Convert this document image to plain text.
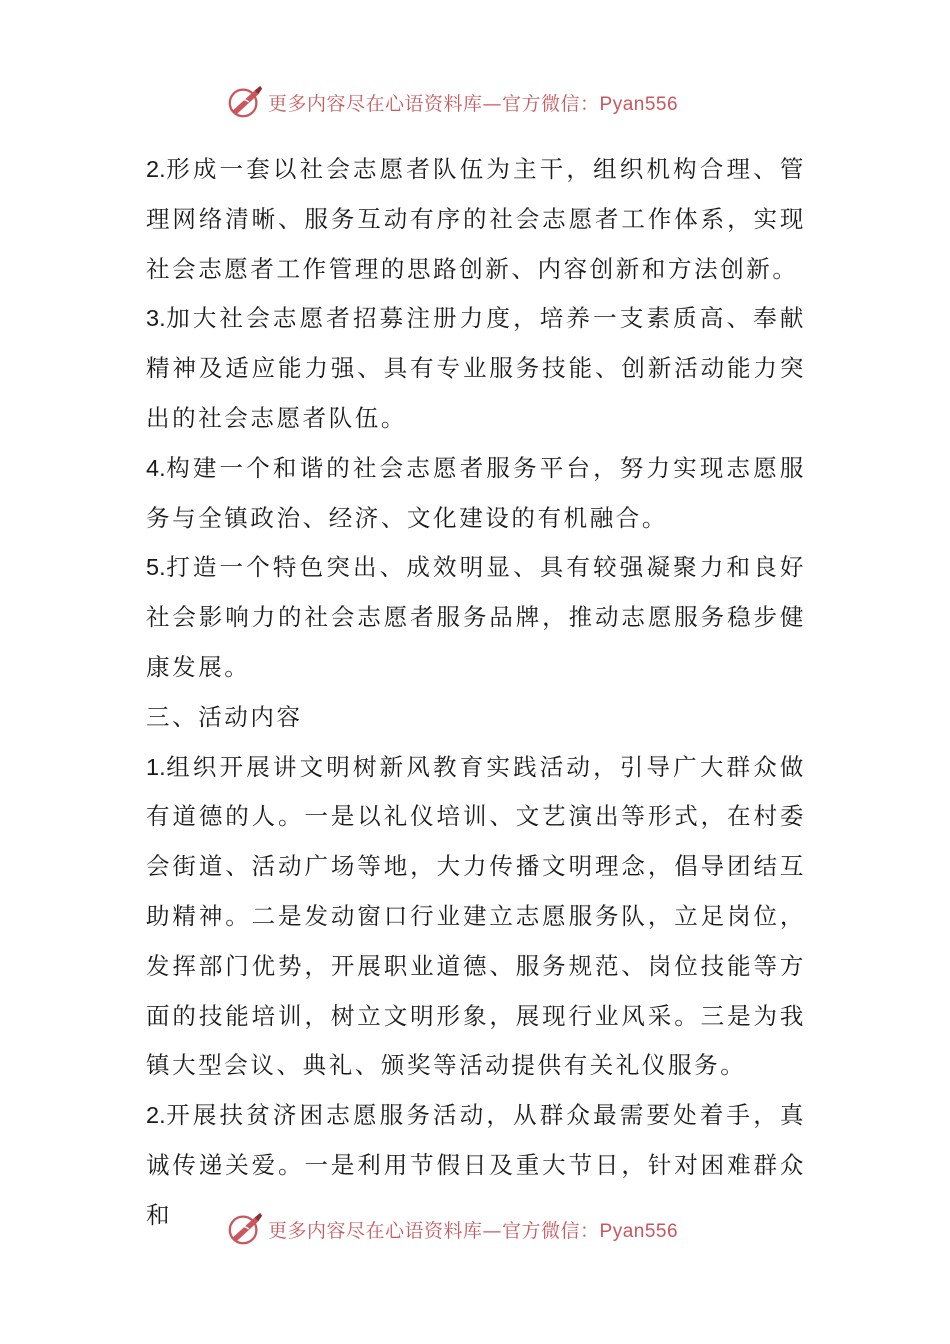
更多内容尽在心语资料库—官方微信：Pyan556

2.形成一套以社会志愿者队伍为主干，组织机构合理、管理网络清晰、服务互动有序的社会志愿者工作体系，实现社会志愿者工作管理的思路创新、内容创新和方法创新。

3.加大社会志愿者招募注册力度，培养一支素质高、奉献精神及适应能力强、具有专业服务技能、创新活动能力突出的社会志愿者队伍。

4.构建一个和谐的社会志愿者服务平台，努力实现志愿服务与全镇政治、经济、文化建设的有机融合。

5.打造一个特色突出、成效明显、具有较强凝聚力和良好社会影响力的社会志愿者服务品牌，推动志愿服务稳步健康发展。

三、活动内容

1.组织开展讲文明树新风教育实践活动，引导广大群众做有道德的人。一是以礼仪培训、文艺演出等形式，在村委会街道、活动广场等地，大力传播文明理念，倡导团结互助精神。二是发动窗口行业建立志愿服务队，立足岗位，发挥部门优势，开展职业道德、服务规范、岗位技能等方面的技能培训，树立文明形象，展现行业风采。三是为我镇大型会议、典礼、颁奖等活动提供有关礼仪服务。

2.开展扶贫济困志愿服务活动，从群众最需要处着手，真诚传递关爱。一是利用节假日及重大节日，针对困难群众和

更多内容尽在心语资料库—官方微信：Pyan556
